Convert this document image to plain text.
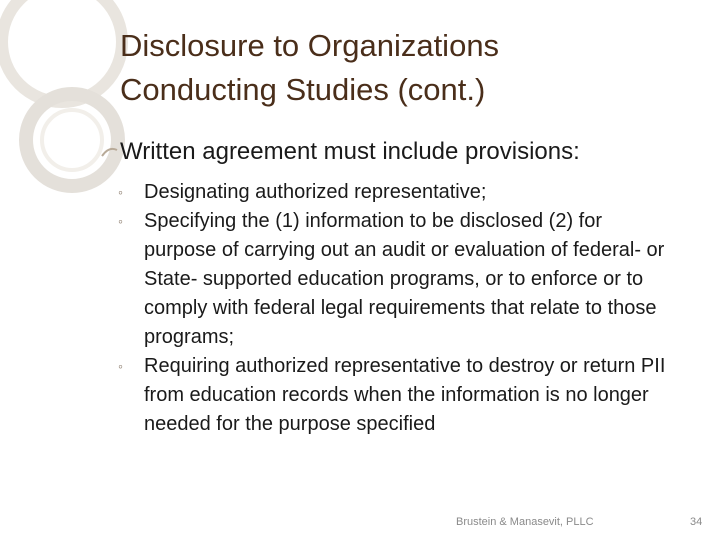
Disclosure to Organizations
Conducting Studies (cont.)
Written agreement must include provisions:
◦	Designating authorized representative;
◦	Specifying the (1) information to be disclosed (2) for purpose of carrying out an audit or evaluation of federal- or State- supported education programs, or to enforce or to comply with federal legal requirements that relate to those programs;
◦	Requiring authorized representative to destroy or return PII from education records when the information is no longer needed for the purpose specified
Brustein & Manasevit, PLLC	34
